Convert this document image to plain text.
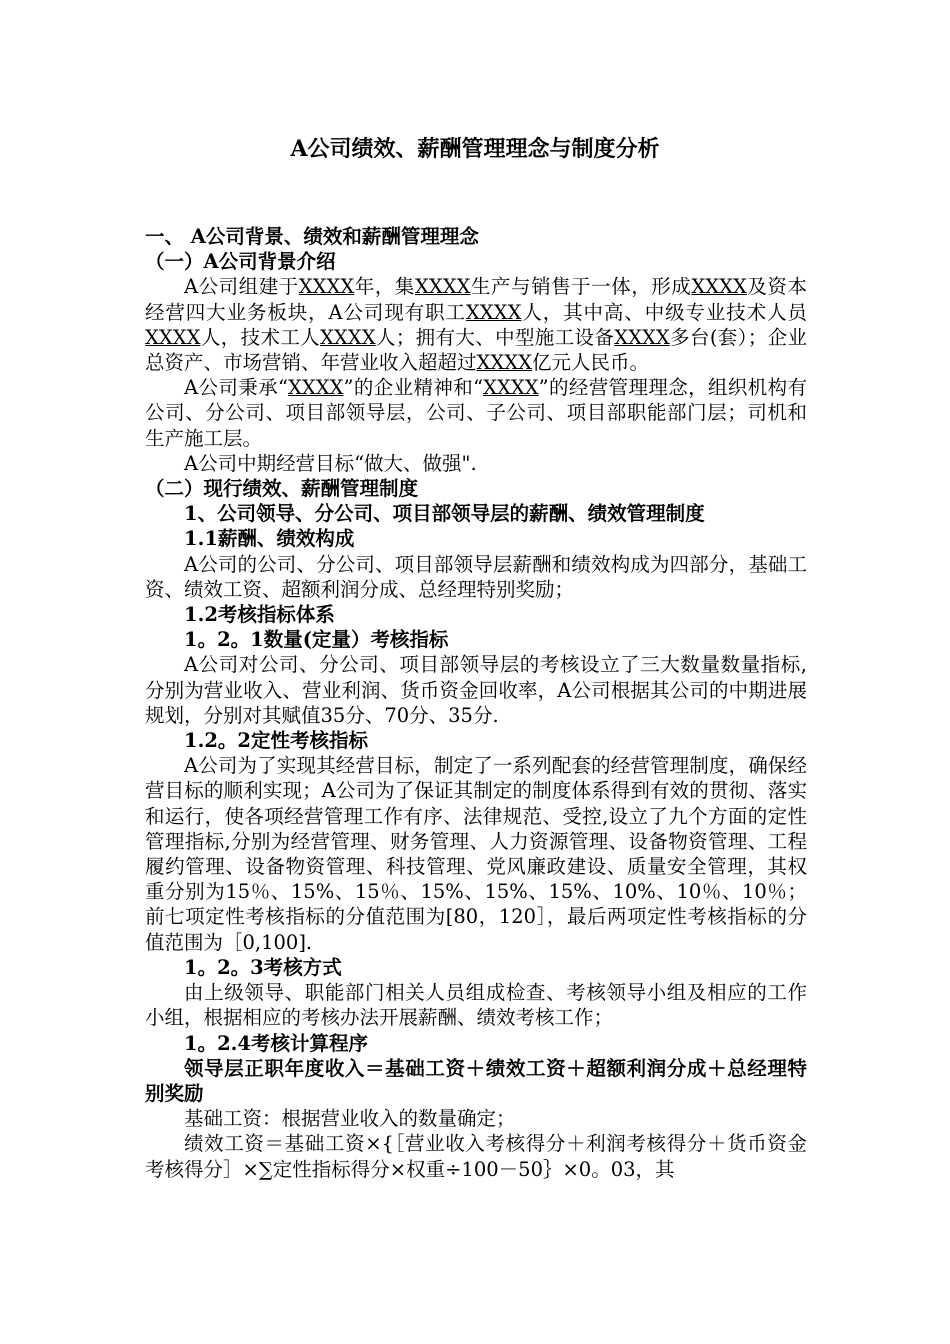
A公司绩效、薪酬管理理念与制度分析

一、 A公司背景、绩效和薪酬管理理念

（一）A公司背景介绍

A公司组建于XXXX年，集XXXX生产与销售于一体，形成XXXX及资本经营四大业务板块，A公司现有职工XXXX人，其中高、中级专业技术人员XXXX人，技术工人XXXX人；拥有大、中型施工设备XXXX多台(套）；企业总资产、市场营销、年营业收入超超过XXXX亿元人民币。

A公司秉承“XXXX”的企业精神和“XXXX”的经营管理理念，组织机构有公司、分公司、项目部领导层，公司、子公司、项目部职能部门层；司机和生产施工层。

A公司中期经营目标“做大、做强".

（二）现行绩效、薪酬管理制度

1、公司领导、分公司、项目部领导层的薪酬、绩效管理制度

1.1薪酬、绩效构成

A公司的公司、分公司、项目部领导层薪酬和绩效构成为四部分，基础工资、绩效工资、超额利润分成、总经理特别奖励；

1.2考核指标体系

1。2。1数量(定量）考核指标

A公司对公司、分公司、项目部领导层的考核设立了三大数量数量指标,分别为营业收入、营业利润、货币资金回收率，A公司根据其公司的中期进展规划，分别对其赋值35分、70分、35分.

1.2。2定性考核指标

A公司为了实现其经营目标，制定了一系列配套的经营管理制度，确保经营目标的顺利实现；A公司为了保证其制定的制度体系得到有效的贯彻、落实和运行，使各项经营管理工作有序、法律规范、受控,设立了九个方面的定性管理指标,分别为经营管理、财务管理、人力资源管理、设备物资管理、工程履约管理、设备物资管理、科技管理、党风廉政建设、质量安全管理，其权重分别为15％、15%、15％、15%、15%、15%、10%、10％、10％；前七项定性考核指标的分值范围为[80，120］，最后两项定性考核指标的分值范围为［0,100].

1。2。3考核方式

由上级领导、职能部门相关人员组成检查、考核领导小组及相应的工作小组，根据相应的考核办法开展薪酬、绩效考核工作；

1。2.4考核计算程序

领导层正职年度收入＝基础工资＋绩效工资＋超额利润分成＋总经理特别奖励

基础工资：根据营业收入的数量确定；

绩效工资＝基础工资×{［营业收入考核得分＋利润考核得分＋货币资金考核得分］×∑定性指标得分×权重÷100－50｝×0。03，其
